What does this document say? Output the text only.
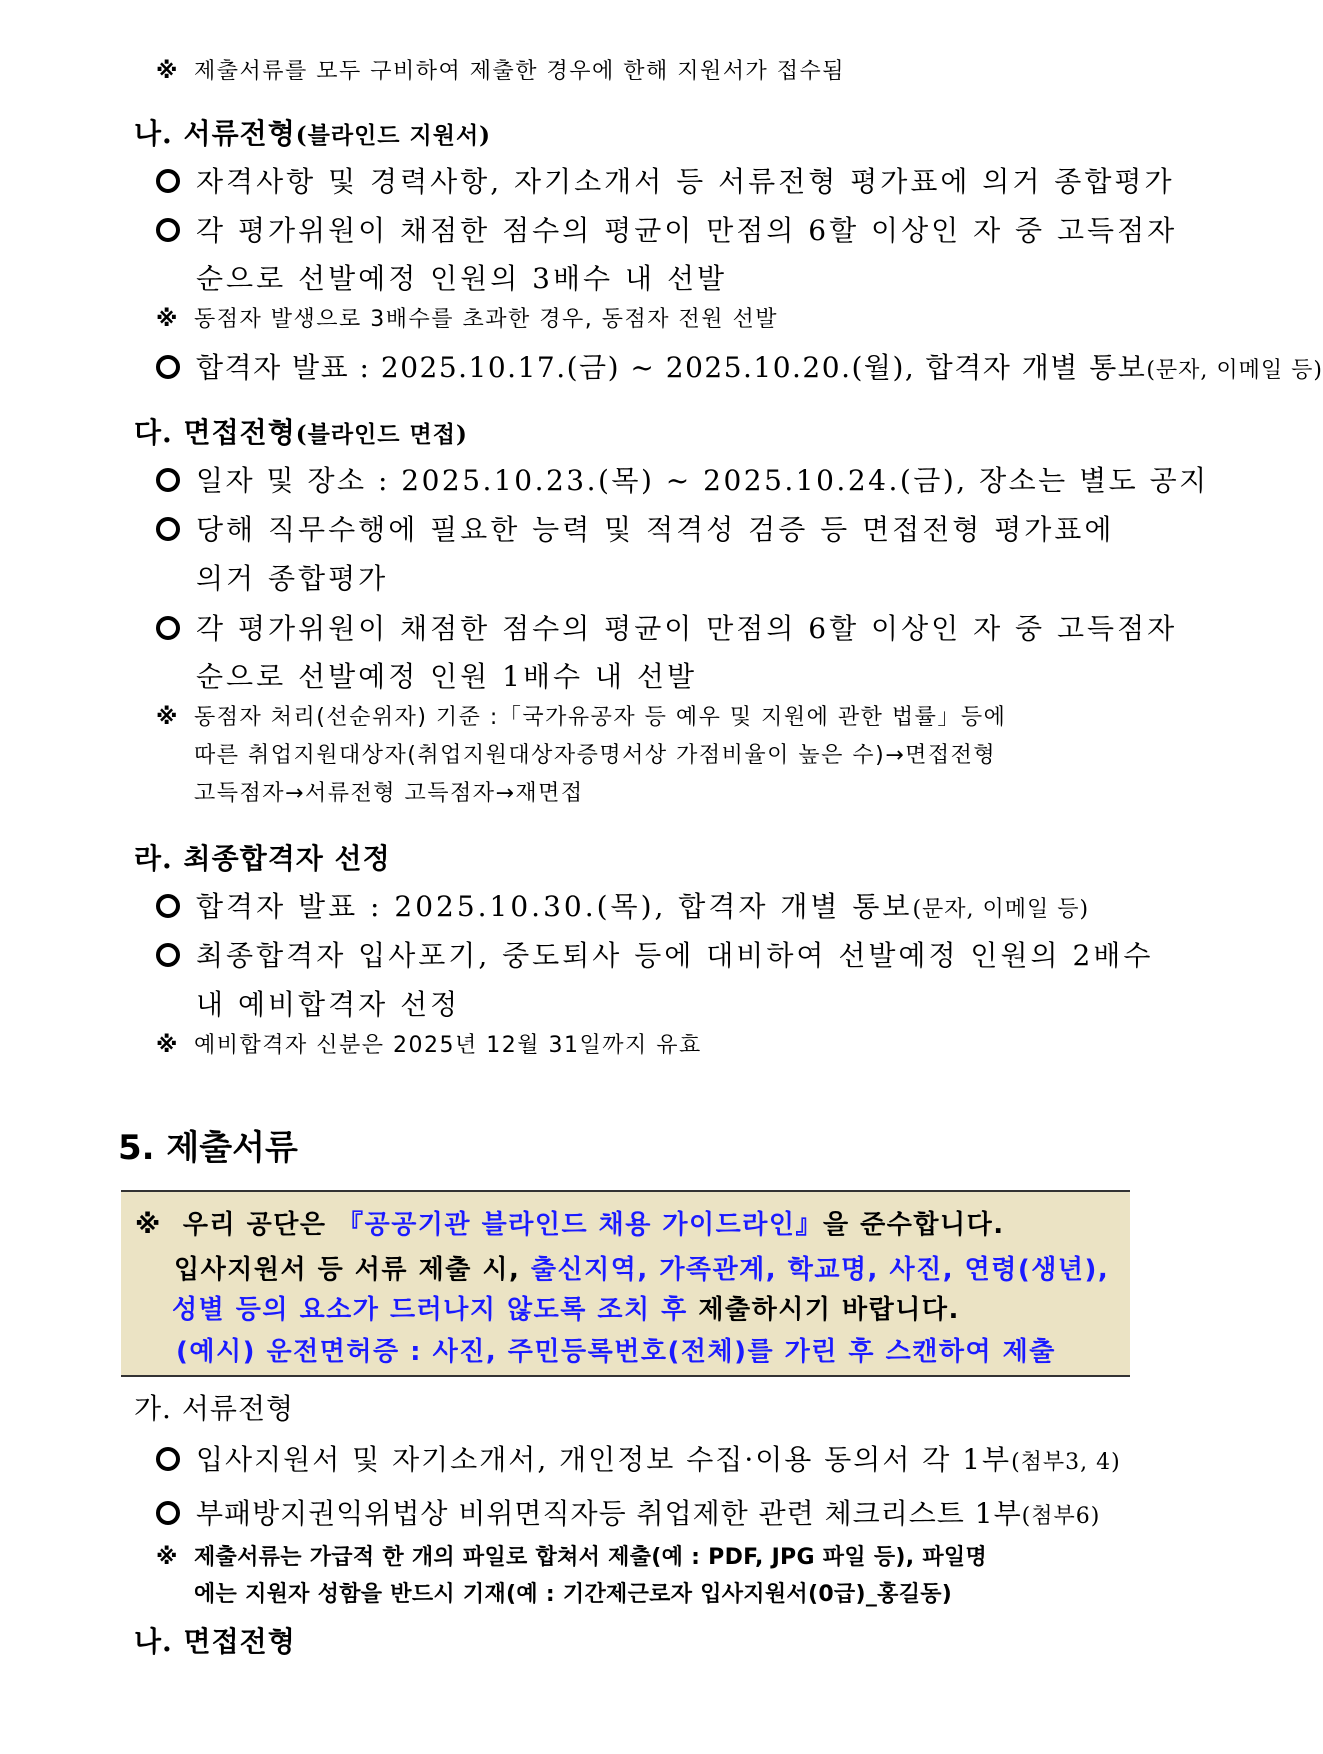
※ 제출서류를 모두 구비하여 제출한 경우에 한해 지원서가 접수됨
나. 서류전형(블라인드 지원서)
자격사항 및 경력사항, 자기소개서 등 서류전형 평가표에 의거 종합평가
각 평가위원이 채점한 점수의 평균이 만점의 6할 이상인 자 중 고득점자
순으로 선발예정 인원의 3배수 내 선발
※ 동점자 발생으로 3배수를 초과한 경우, 동점자 전원 선발
합격자 발표 : 2025.10.17.(금) ~ 2025.10.20.(월), 합격자 개별 통보(문자, 이메일 등)
다. 면접전형(블라인드 면접)
일자 및 장소 : 2025.10.23.(목) ~ 2025.10.24.(금), 장소는 별도 공지
당해 직무수행에 필요한 능력 및 적격성 검증 등 면접전형 평가표에
의거 종합평가
각 평가위원이 채점한 점수의 평균이 만점의 6할 이상인 자 중 고득점자
순으로 선발예정 인원 1배수 내 선발
※ 동점자 처리(선순위자) 기준 :「국가유공자 등 예우 및 지원에 관한 법률」등에
따른 취업지원대상자(취업지원대상자증명서상 가점비율이 높은 수)→면접전형
고득점자→서류전형 고득점자→재면접
라. 최종합격자 선정
합격자 발표 : 2025.10.30.(목), 합격자 개별 통보(문자, 이메일 등)
최종합격자 입사포기, 중도퇴사 등에 대비하여 선발예정 인원의 2배수
내 예비합격자 선정
※ 예비합격자 신분은 2025년 12월 31일까지 유효
5. 제출서류
※ 우리 공단은 『공공기관 블라인드 채용 가이드라인』을 준수합니다.
입사지원서 등 서류 제출 시, 출신지역, 가족관계, 학교명, 사진, 연령(생년),
성별 등의 요소가 드러나지 않도록 조치 후 제출하시기 바랍니다.
(예시) 운전면허증 : 사진, 주민등록번호(전체)를 가린 후 스캔하여 제출
가. 서류전형
입사지원서 및 자기소개서, 개인정보 수집·이용 동의서 각 1부(첨부3, 4)
부패방지권익위법상 비위면직자등 취업제한 관련 체크리스트 1부(첨부6)
※ 제출서류는 가급적 한 개의 파일로 합쳐서 제출(예 : PDF, JPG 파일 등), 파일명
에는 지원자 성함을 반드시 기재(예 : 기간제근로자 입사지원서(0급)_홍길동)
나. 면접전형
